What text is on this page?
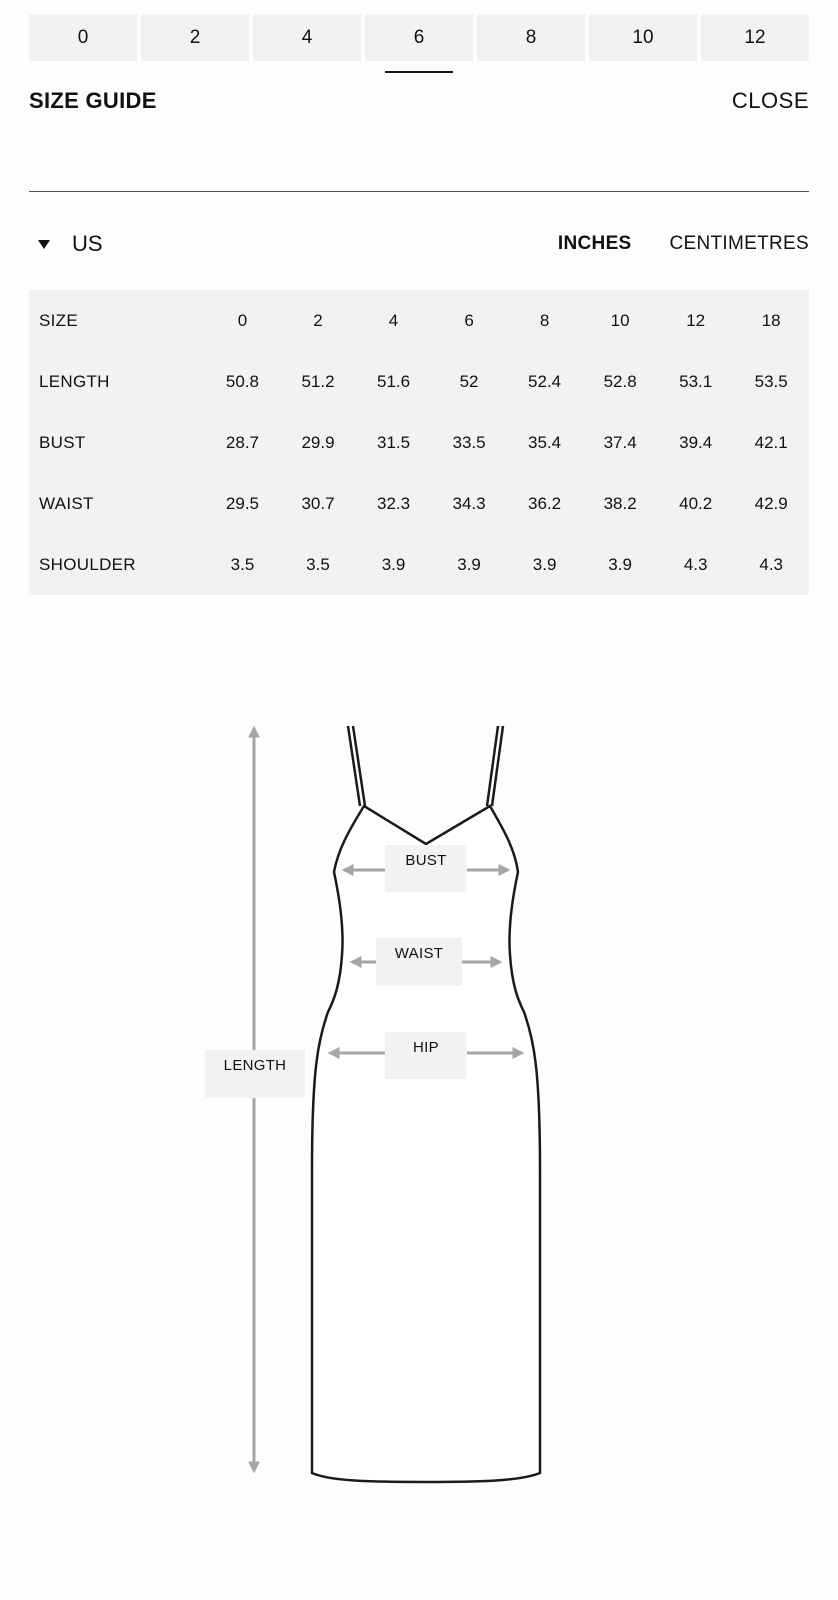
0	2	4	6	8	10	12
SIZE GUIDE	CLOSE
US	INCHES CENTIMETRES
SIZE	0	2	4	6	8	10	12	18
LENGTH	50.8	51.2	51.6	52	52.4	52.8	53.1	53.5
BUST	28.7	29.9	31.5	33.5	35.4	37.4	39.4	42.1
WAIST	29.5	30.7	32.3	34.3	36.2	38.2	40.2	42.9
SHOULDER	3.5	3.5	3.9	3.9	3.9	3.9	4.3	4.3
BUST
WAIST
HIP
LENGTH
